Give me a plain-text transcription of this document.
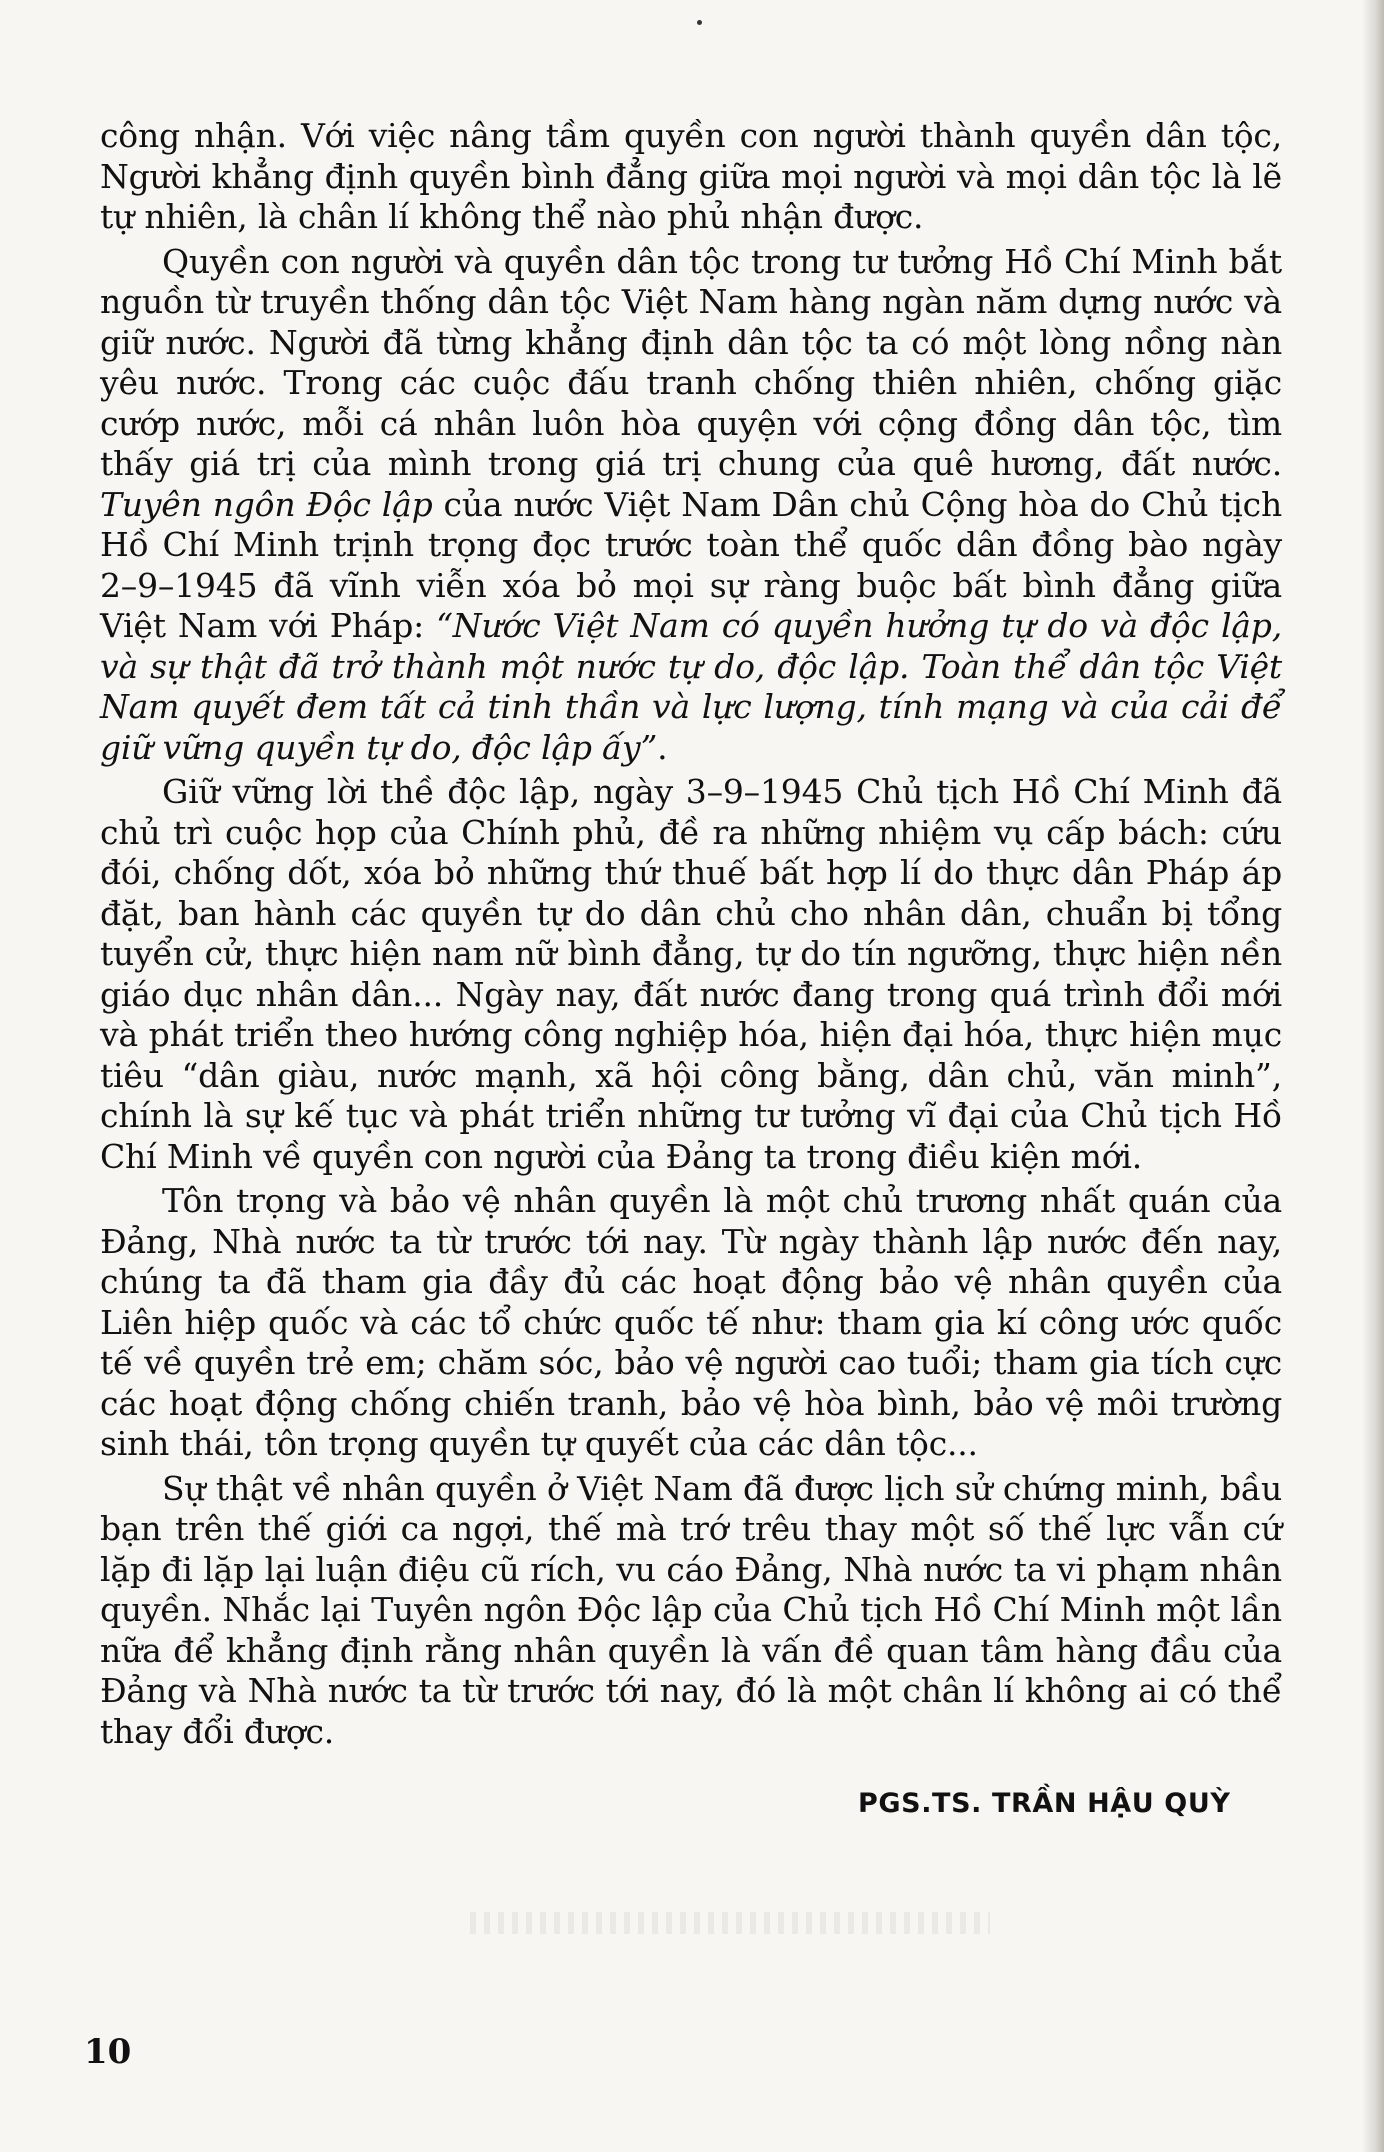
công nhận. Với việc nâng tầm quyền con người thành quyền dân tộc, Người khẳng định quyền bình đẳng giữa mọi người và mọi dân tộc là lẽ tự nhiên, là chân lí không thể nào phủ nhận được.

Quyền con người và quyền dân tộc trong tư tưởng Hồ Chí Minh bắt nguồn từ truyền thống dân tộc Việt Nam hàng ngàn năm dựng nước và giữ nước. Người đã từng khẳng định dân tộc ta có một lòng nồng nàn yêu nước. Trong các cuộc đấu tranh chống thiên nhiên, chống giặc cướp nước, mỗi cá nhân luôn hòa quyện với cộng đồng dân tộc, tìm thấy giá trị của mình trong giá trị chung của quê hương, đất nước. Tuyên ngôn Độc lập của nước Việt Nam Dân chủ Cộng hòa do Chủ tịch Hồ Chí Minh trịnh trọng đọc trước toàn thể quốc dân đồng bào ngày 2–9–1945 đã vĩnh viễn xóa bỏ mọi sự ràng buộc bất bình đẳng giữa Việt Nam với Pháp: “Nước Việt Nam có quyền hưởng tự do và độc lập, và sự thật đã trở thành một nước tự do, độc lập. Toàn thể dân tộc Việt Nam quyết đem tất cả tinh thần và lực lượng, tính mạng và của cải để giữ vững quyền tự do, độc lập ấy”.

Giữ vững lời thề độc lập, ngày 3–9–1945 Chủ tịch Hồ Chí Minh đã chủ trì cuộc họp của Chính phủ, đề ra những nhiệm vụ cấp bách: cứu đói, chống dốt, xóa bỏ những thứ thuế bất hợp lí do thực dân Pháp áp đặt, ban hành các quyền tự do dân chủ cho nhân dân, chuẩn bị tổng tuyển cử, thực hiện nam nữ bình đẳng, tự do tín ngưỡng, thực hiện nền giáo dục nhân dân... Ngày nay, đất nước đang trong quá trình đổi mới và phát triển theo hướng công nghiệp hóa, hiện đại hóa, thực hiện mục tiêu “dân giàu, nước mạnh, xã hội công bằng, dân chủ, văn minh”, chính là sự kế tục và phát triển những tư tưởng vĩ đại của Chủ tịch Hồ Chí Minh về quyền con người của Đảng ta trong điều kiện mới.

Tôn trọng và bảo vệ nhân quyền là một chủ trương nhất quán của Đảng, Nhà nước ta từ trước tới nay. Từ ngày thành lập nước đến nay, chúng ta đã tham gia đầy đủ các hoạt động bảo vệ nhân quyền của Liên hiệp quốc và các tổ chức quốc tế như: tham gia kí công ước quốc tế về quyền trẻ em; chăm sóc, bảo vệ người cao tuổi; tham gia tích cực các hoạt động chống chiến tranh, bảo vệ hòa bình, bảo vệ môi trường sinh thái, tôn trọng quyền tự quyết của các dân tộc...

Sự thật về nhân quyền ở Việt Nam đã được lịch sử chứng minh, bầu bạn trên thế giới ca ngợi, thế mà trớ trêu thay một số thế lực vẫn cứ lặp đi lặp lại luận điệu cũ rích, vu cáo Đảng, Nhà nước ta vi phạm nhân quyền. Nhắc lại Tuyên ngôn Độc lập của Chủ tịch Hồ Chí Minh một lần nữa để khẳng định rằng nhân quyền là vấn đề quan tâm hàng đầu của Đảng và Nhà nước ta từ trước tới nay, đó là một chân lí không ai có thể thay đổi được.

PGS.TS. TRẦN HẬU QUỲ
10
